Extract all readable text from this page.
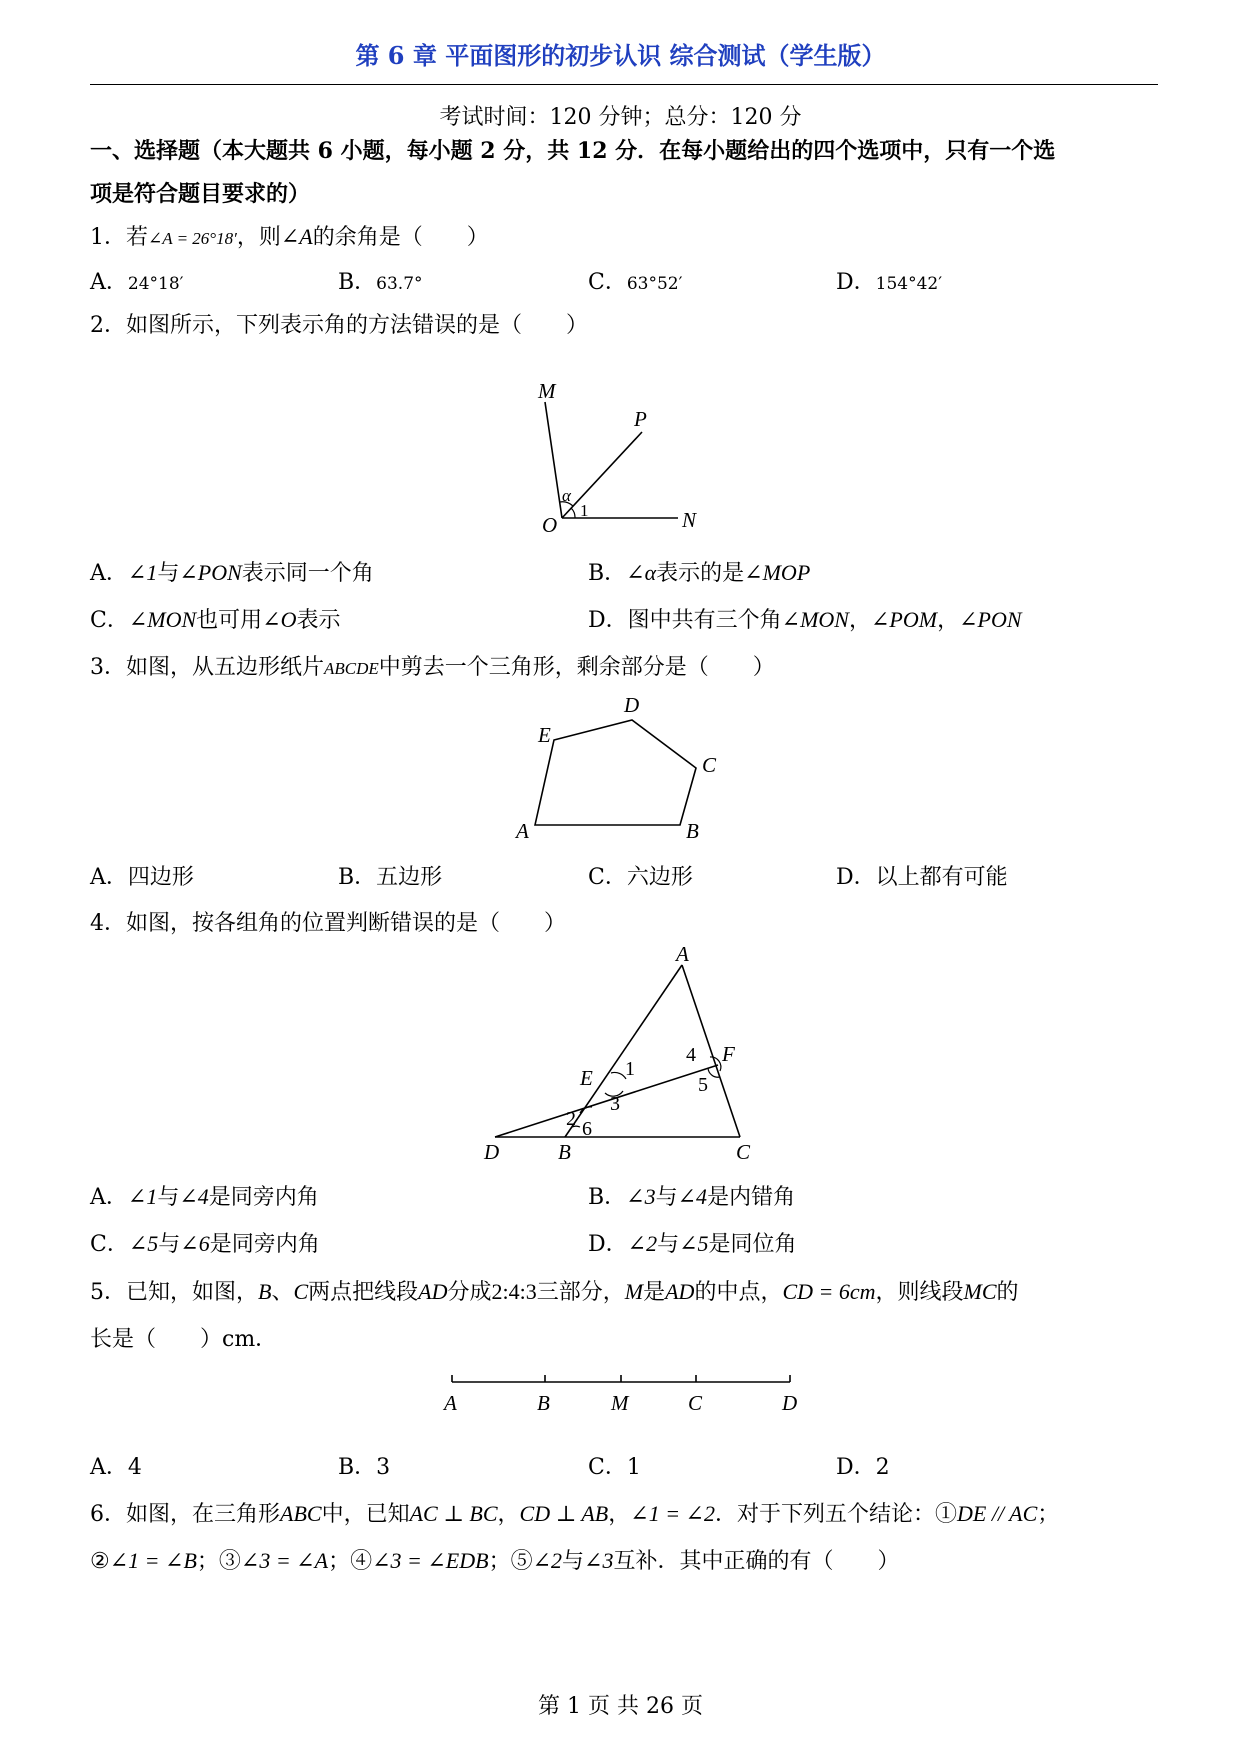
第 6 章 平面图形的初步认识 综合测试（学生版）
考试时间：120 分钟；总分：120 分
一、选择题（本大题共 6 小题，每小题 2 分，共 12 分．在每小题给出的四个选项中，只有一个选
项是符合题目要求的）
1．若∠A = 26°18′，则∠A的余角是（　　）
A．24°18′	B．63.7°	C．63°52′	D．154°42′
2．如图所示，下列表示角的方法错误的是（　　）
M
P
O	N
α
1
A．∠1与∠PON表示同一个角	B．∠α表示的是∠MOP
C．∠MON也可用∠O表示	D．图中共有三个角∠MON，∠POM，∠PON
3．如图，从五边形纸片ABCDE中剪去一个三角形，剩余部分是（　　）
A	B
C
D
E
A．四边形	B．五边形	C．六边形	D．以上都有可能
4．如图，按各组角的位置判断错误的是（　　）
A
B	C
D
E
F
1
2
3
4
5
6
A．∠1与∠4是同旁内角	B．∠3与∠4是内错角
C．∠5与∠6是同旁内角	D．∠2与∠5是同位角
5．已知，如图，B、C两点把线段AD分成2:4:3三部分，M是AD的中点，CD = 6cm，则线段MC的
长是（　　）cm．
A	B	M	C	D
A．4	B．3	C．1	D．2
6．如图，在三角形ABC中，已知AC ⊥ BC，CD ⊥ AB，∠1 = ∠2．对于下列五个结论：①DE // AC；
②∠1 = ∠B；③∠3 = ∠A；④∠3 = ∠EDB；⑤∠2与∠3互补．其中正确的有（　　）
第 1 页 共 26 页
